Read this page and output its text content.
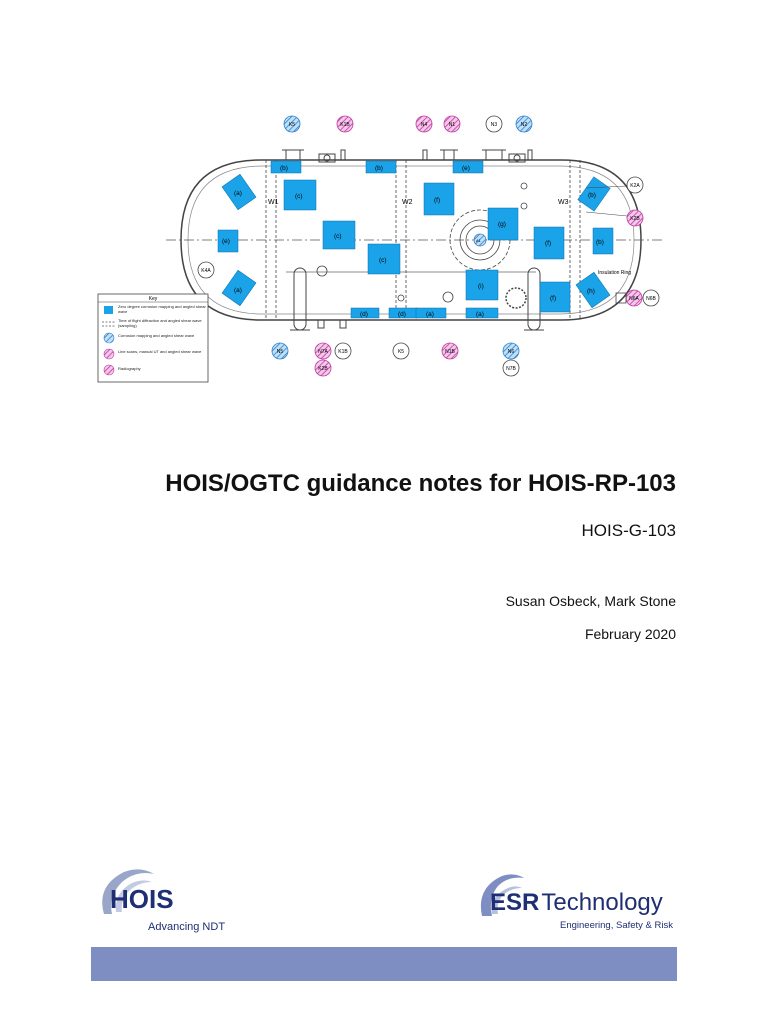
W1	W2	W3
(b)	(b)	(e)
(c)
(c)
(c)
(f)
(g)
(f)
(i)
(f)
(d)	(d)	(a)	(a)
(a)
(e)
(a)
(b)
(b)
(h)
A1
K5	K1B	N4	N1	N3	N2
N5	N7A K1B	K5	N1B	N6
K2B	N7B
K2A
K2B
N6A N6B
K4A	Insulation Ring
Key
Zero degree corrosion mapping and angled shear wave
Time of flight diffraction and angled shear wave (sampling)
Corrosion mapping and angled shear wave
Line scans, manual UT and angled shear wave
Radiography
HOIS/OGTC guidance notes for HOIS-RP-103
HOIS-G-103
Susan Osbeck, Mark Stone
February 2020
HOIS
Advancing NDT
ESRTechnology
Engineering, Safety & Risk
